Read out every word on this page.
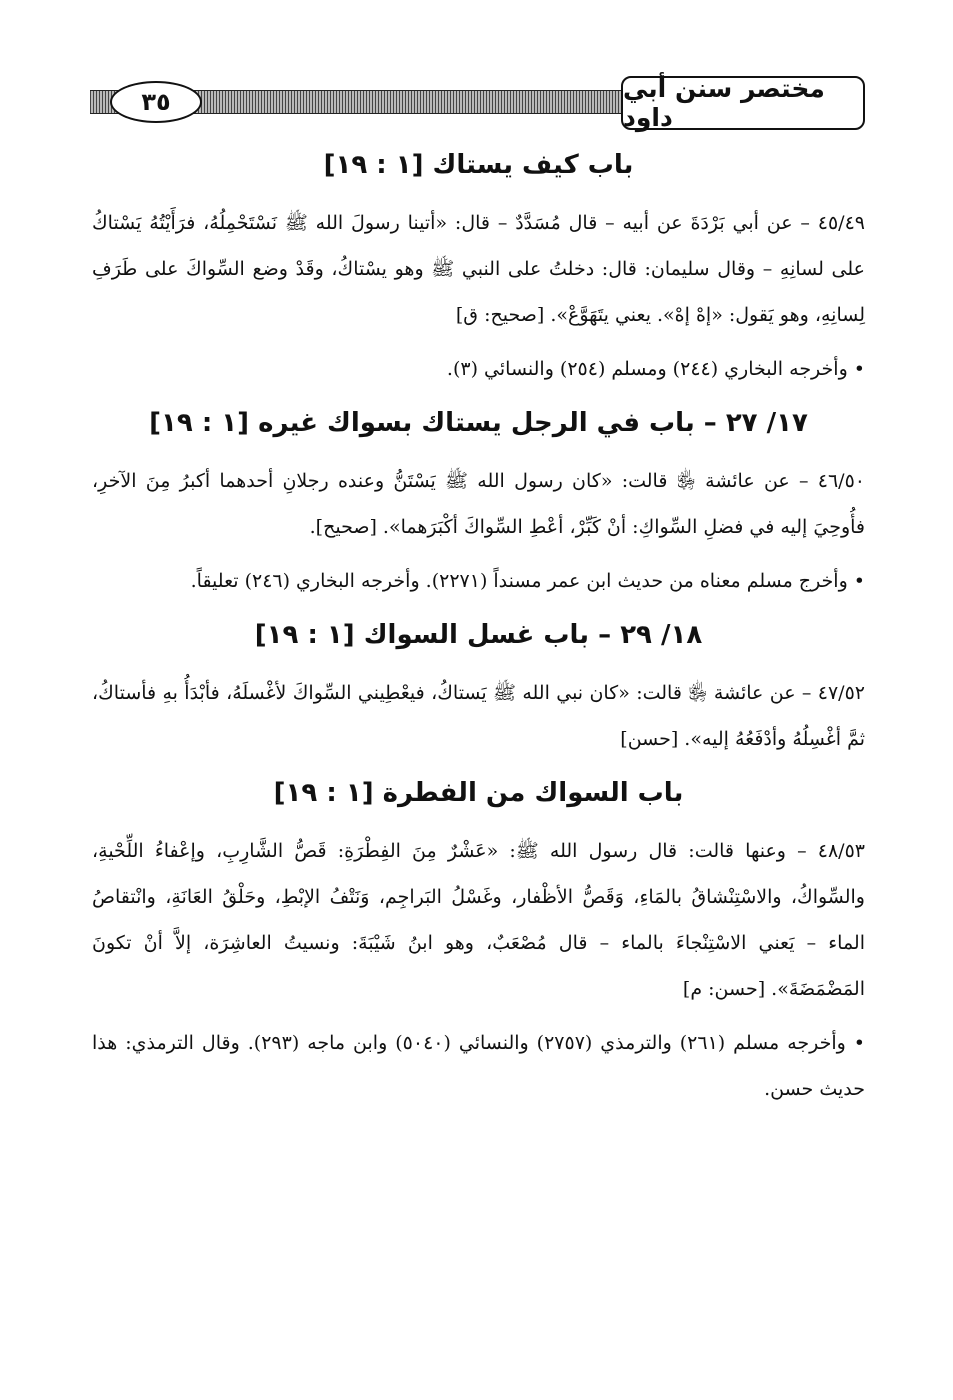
٣٥	مختصر سنن أبي داود
باب كيف يستاك [١ : ١٩]

٤٥/٤٩ – عن أبي بَرْدَةَ عن أبيه – قال مُسَدَّدٌ – قال: «أتينا رسولَ الله ﷺ نَسْتَحْمِلُهُ، فرَأَيْتُهُ يَسْتاكُ على لسانِهِ – وقال سليمان: قال: دخلتُ على النبي ﷺ وهو يسْتاكُ، وقَدْ وضع السِّواكَ على طَرَفِ لِسانِهِ، وهو يَقول: «إهْ إهْ». يعني يتَهَوَّعْ». [صحيح: ق]

• وأخرجه البخاري (٢٤٤) ومسلم (٢٥٤) والنسائي (٣).

١٧/ ٢٧ – باب في الرجل يستاك بسواك غيره [١ : ١٩]

٤٦/٥٠ – عن عائشة ﵂ قالت: «كان رسول الله ﷺ يَسْتَنُّ وعنده رجلانِ أحدهما أكبرُ مِنَ الآخرِ، فأُوحِيَ إليه في فضلِ السِّواكِ: أنْ كَبِّرْ، أعْطِ السِّواكَ أكْبَرَهما». [صحيح].

• وأخرج مسلم معناه من حديث ابن عمر مسنداً (٢٢٧١). وأخرجه البخاري (٢٤٦) تعليقاً.

١٨/ ٢٩ – باب غسل السواك [١ : ١٩]

٤٧/٥٢ – عن عائشة ﵂ قالت: «كان نبي الله ﷺ يَستاكُ، فيعْطِيني السِّواكَ لأغْسلَهُ، فأبْدَأُ بهِ فأستاكُ، ثمَّ أغْسِلُهُ وأدْفَعُهُ إليه». [حسن]

باب السواك من الفطرة [١ : ١٩]

٤٨/٥٣ – وعنها قالت: قال رسول الله ﷺ: «عَشْرٌ مِنَ الفِطْرَةِ: قَصُّ الشَّارِبِ، وإعْفاءُ اللِّحْيةِ، والسِّواكُ، والاسْتِنْشاقُ بالمَاءِ، وَقَصُّ الأظْفار، وغَسْلُ البَراجِم، وَنَتْفُ الإبْطِ، وحَلْقُ العَانَةِ، وانْتقاصُ الماء – يَعني الاسْتِنْجاءَ بالماء – قال مُصْعَبٌ، وهو ابنُ شَيْبَةَ: ونسيتُ العاشِرَة، إلاَّ أنْ تكونَ المَضْمَضَةَ». [حسن: م]

• وأخرجه مسلم (٢٦١) والترمذي (٢٧٥٧) والنسائي (٥٠٤٠) وابن ماجه (٢٩٣). وقال الترمذي: هذا حديث حسن.
